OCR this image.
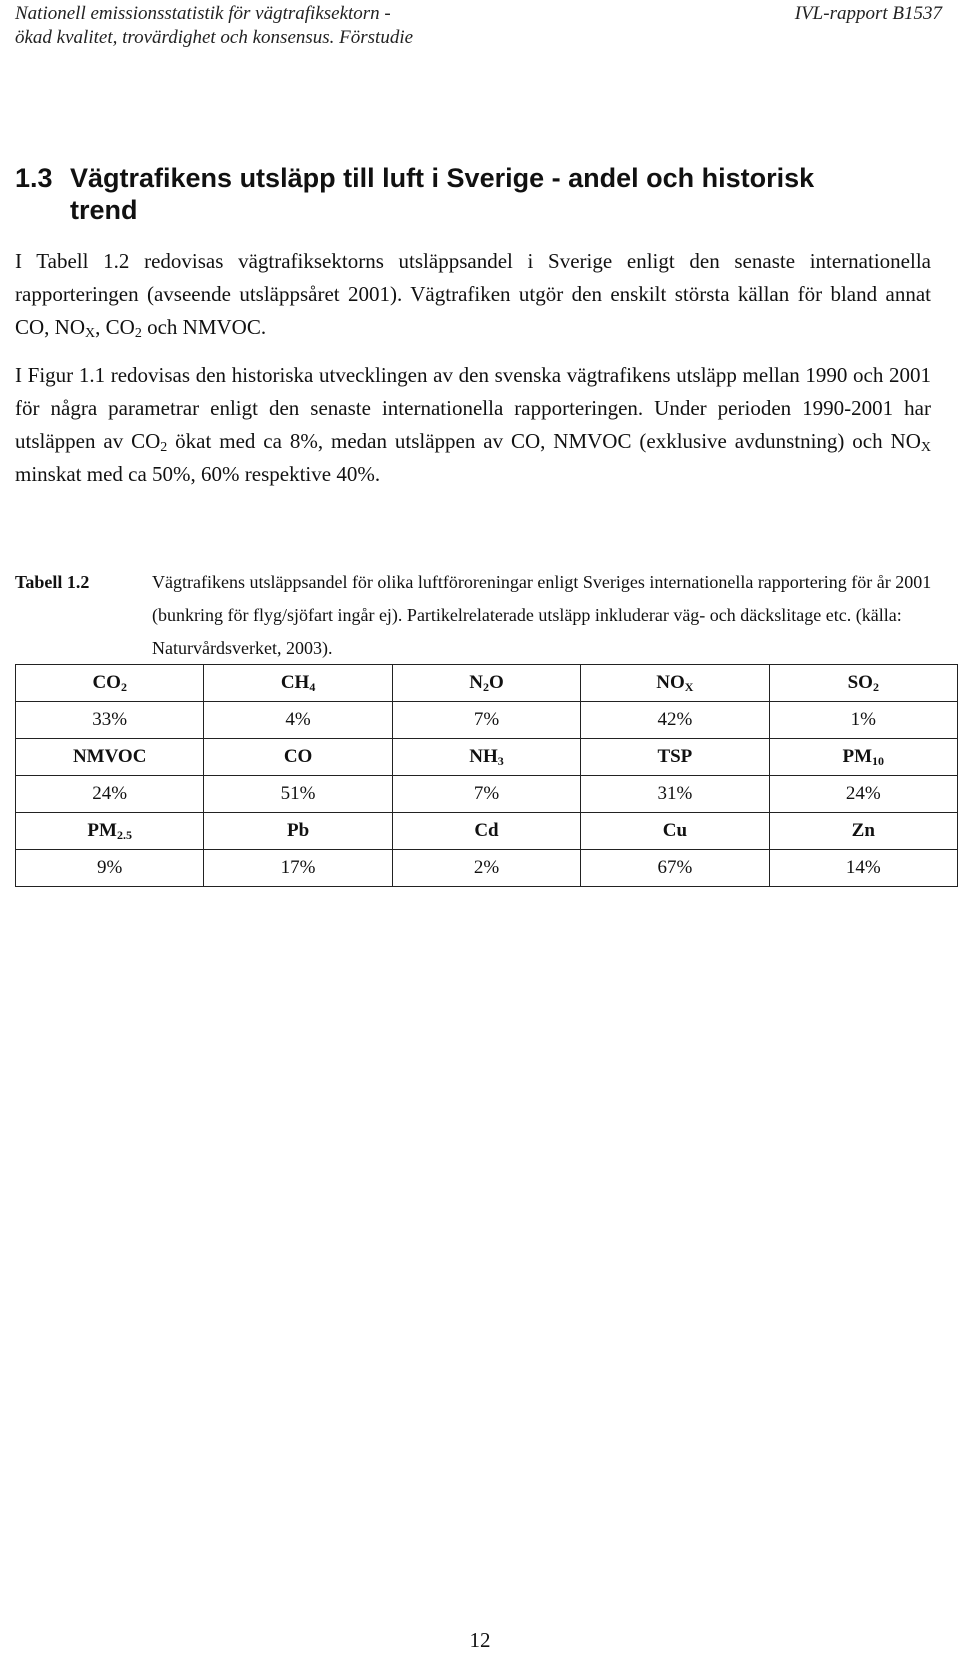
Nationell emissionsstatistik för vägtrafiksektorn -
ökad kvalitet, trovärdighet och konsensus. Förstudie
IVL-rapport B1537
1.3 Vägtrafikens utsläpp till luft i Sverige - andel och historisk
trend
I Tabell 1.2 redovisas vägtrafiksektorns utsläppsandel i Sverige enligt den senaste internationella rapporteringen (avseende utsläppsåret 2001). Vägtrafiken utgör den enskilt största källan för bland annat CO, $NO_X$, $CO_2$ och NMVOC.
I Figur 1.1 redovisas den historiska utvecklingen av den svenska vägtrafikens utsläpp mellan 1990 och 2001 för några parametrar enligt den senaste internationella rapporteringen. Under perioden 1990-2001 har utsläppen av $CO_2$ ökat med ca 8%, medan utsläppen av CO, NMVOC (exklusive avdunstning) och $NO_X$ minskat med ca 50%, 60% respektive 40%.
Tabell 1.2	Vägtrafikens utsläppsandel för olika luftföroreningar enligt Sveriges internationella rapportering för år 2001 (bunkring för flyg/sjöfart ingår ej). Partikelrelaterade utsläpp inkluderar väg- och däckslitage etc. (källa: Naturvårdsverket, 2003).
$CO_2$	$CH_4$	$N_2O$	$NO_X$	$SO_2$
33%	4%	7%	42%	1%
NMVOC	CO	$NH_3$	TSP	$PM_{10}$
24%	51%	7%	31%	24%
$PM_{2.5}$	Pb	Cd	Cu	Zn
9%	17%	2%	67%	14%
12
